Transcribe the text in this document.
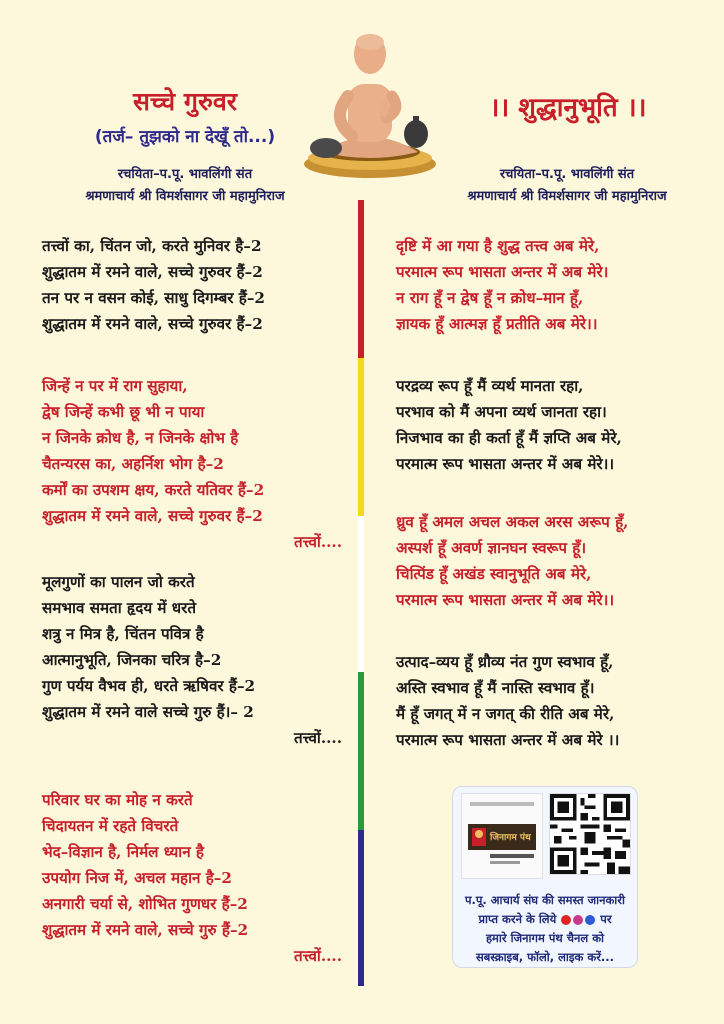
सच्चे गुरुवर
(तर्ज– तुझको ना देखूँ तो...)
रचयिता–प.पू. भावलिंगी संत
श्रमणाचार्य श्री विमर्शसागर जी महामुनिराज
।। शुद्धानुभूति ।।
रचयिता–प.पू. भावलिंगी संत
श्रमणाचार्य श्री विमर्शसागर जी महामुनिराज
तत्त्वों का, चिंतन जो, करते मुनिवर है–2
शुद्धातम में रमने वाले, सच्चे गुरुवर हैं–2
तन पर न वसन कोई, साधु दिगम्बर हैं–2
शुद्धातम में रमने वाले, सच्चे गुरुवर हैं–2
जिन्हें न पर में राग सुहाया,
द्वेष जिन्हें कभी छू भी न पाया
न जिनके क्रोध है, न जिनके क्षोभ है
चैतन्यरस का, अहर्निश भोग है–2
कर्मों का उपशम क्षय, करते यतिवर हैं–2
शुद्धातम में रमने वाले, सच्चे गुरुवर हैं–2
तत्त्वों....
मूलगुणों का पालन जो करते
समभाव समता हृदय में धरते
शत्रु न मित्र है, चिंतन पवित्र है
आत्मानुभूति, जिनका चरित्र है–2
गुण पर्यय वैभव ही, धरते ऋषिवर हैं–2
शुद्धातम में रमने वाले सच्चे गुरु हैं।– 2
तत्त्वों....
परिवार घर का मोह न करते
चिदायतन में रहते विचरते
भेद–विज्ञान है, निर्मल ध्यान है
उपयोग निज में, अचल महान है–2
अनगारी चर्या से, शोभित गुणधर हैं–2
शुद्धातम में रमने वाले, सच्चे गुरु हैं–2
तत्त्वों....
दृष्टि में आ गया है शुद्ध तत्त्व अब मेरे,
परमात्म रूप भासता अन्तर में अब मेरे।
न राग हूँ न द्वेष हूँ न क्रोध–मान हूँ,
ज्ञायक हूँ आत्मज्ञ हूँ प्रतीति अब मेरे।।
परद्रव्य रूप हूँ मैं व्यर्थ मानता रहा,
परभाव को मैं अपना व्यर्थ जानता रहा।
निजभाव का ही कर्ता हूँ मैं ज्ञप्ति अब मेरे,
परमात्म रूप भासता अन्तर में अब मेरे।।
ध्रुव हूँ अमल अचल अकल अरस अरूप हूँ,
अस्पर्श हूँ अवर्ण ज्ञानघन स्वरूप हूँ।
चित्पिंड हूँ अखंड स्वानुभूति अब मेरे,
परमात्म रूप भासता अन्तर में अब मेरे।।
उत्पाद–व्यय हूँ ध्रौव्य नंत गुण स्वभाव हूँ,
अस्ति स्वभाव हूँ मैं नास्ति स्वभाव हूँ।
मैं हूँ जगत् में न जगत् की रीति अब मेरे,
परमात्म रूप भासता अन्तर में अब मेरे ।।
जिनागम पंथ
प.पू. आचार्य संघ की समस्त जानकारी
प्राप्त करने के लिये	पर
हमारे जिनागम पंथ चैनल को
सबस्क्राइब, फॉलो, लाइक करें...
